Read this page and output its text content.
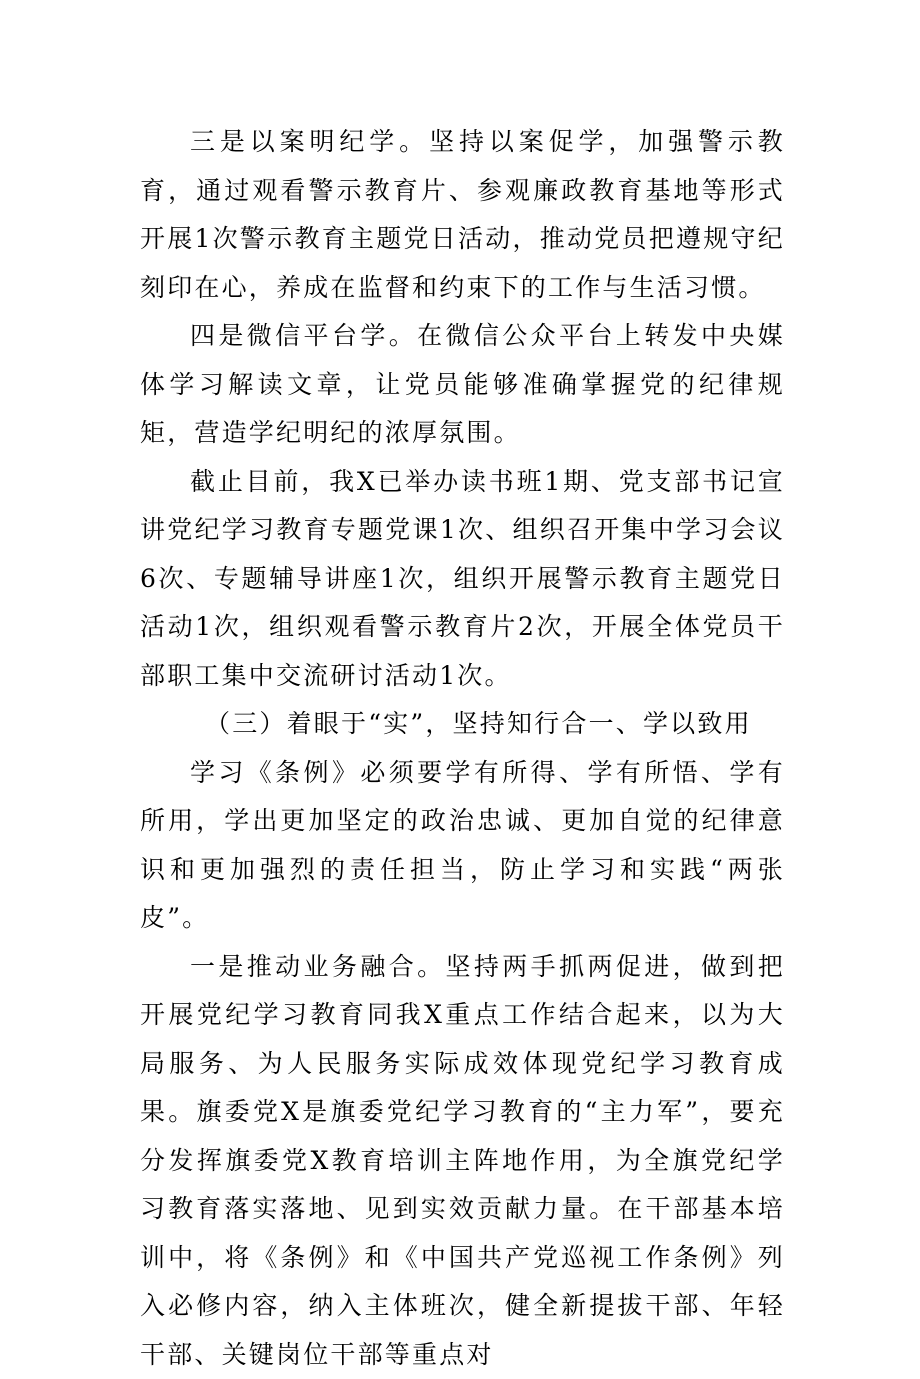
三是以案明纪学。坚持以案促学，加强警示教育，通过观看警示教育片、参观廉政教育基地等形式开展1次警示教育主题党日活动，推动党员把遵规守纪刻印在心，养成在监督和约束下的工作与生活习惯。

四是微信平台学。在微信公众平台上转发中央媒体学习解读文章，让党员能够准确掌握党的纪律规矩，营造学纪明纪的浓厚氛围。

截止目前，我X已举办读书班1期、党支部书记宣讲党纪学习教育专题党课1次、组织召开集中学习会议6次、专题辅导讲座1次，组织开展警示教育主题党日活动1次，组织观看警示教育片2次，开展全体党员干部职工集中交流研讨活动1次。

（三）着眼于“实”，坚持知行合一、学以致用

学习《条例》必须要学有所得、学有所悟、学有所用，学出更加坚定的政治忠诚、更加自觉的纪律意识和更加强烈的责任担当，防止学习和实践“两张皮”。

一是推动业务融合。坚持两手抓两促进，做到把开展党纪学习教育同我X重点工作结合起来，以为大局服务、为人民服务实际成效体现党纪学习教育成果。旗委党X是旗委党纪学习教育的“主力军”，要充分发挥旗委党X教育培训主阵地作用，为全旗党纪学习教育落实落地、见到实效贡献力量。在干部基本培训中，将《条例》和《中国共产党巡视工作条例》列入必修内容，纳入主体班次，健全新提拔干部、年轻干部、关键岗位干部等重点对
